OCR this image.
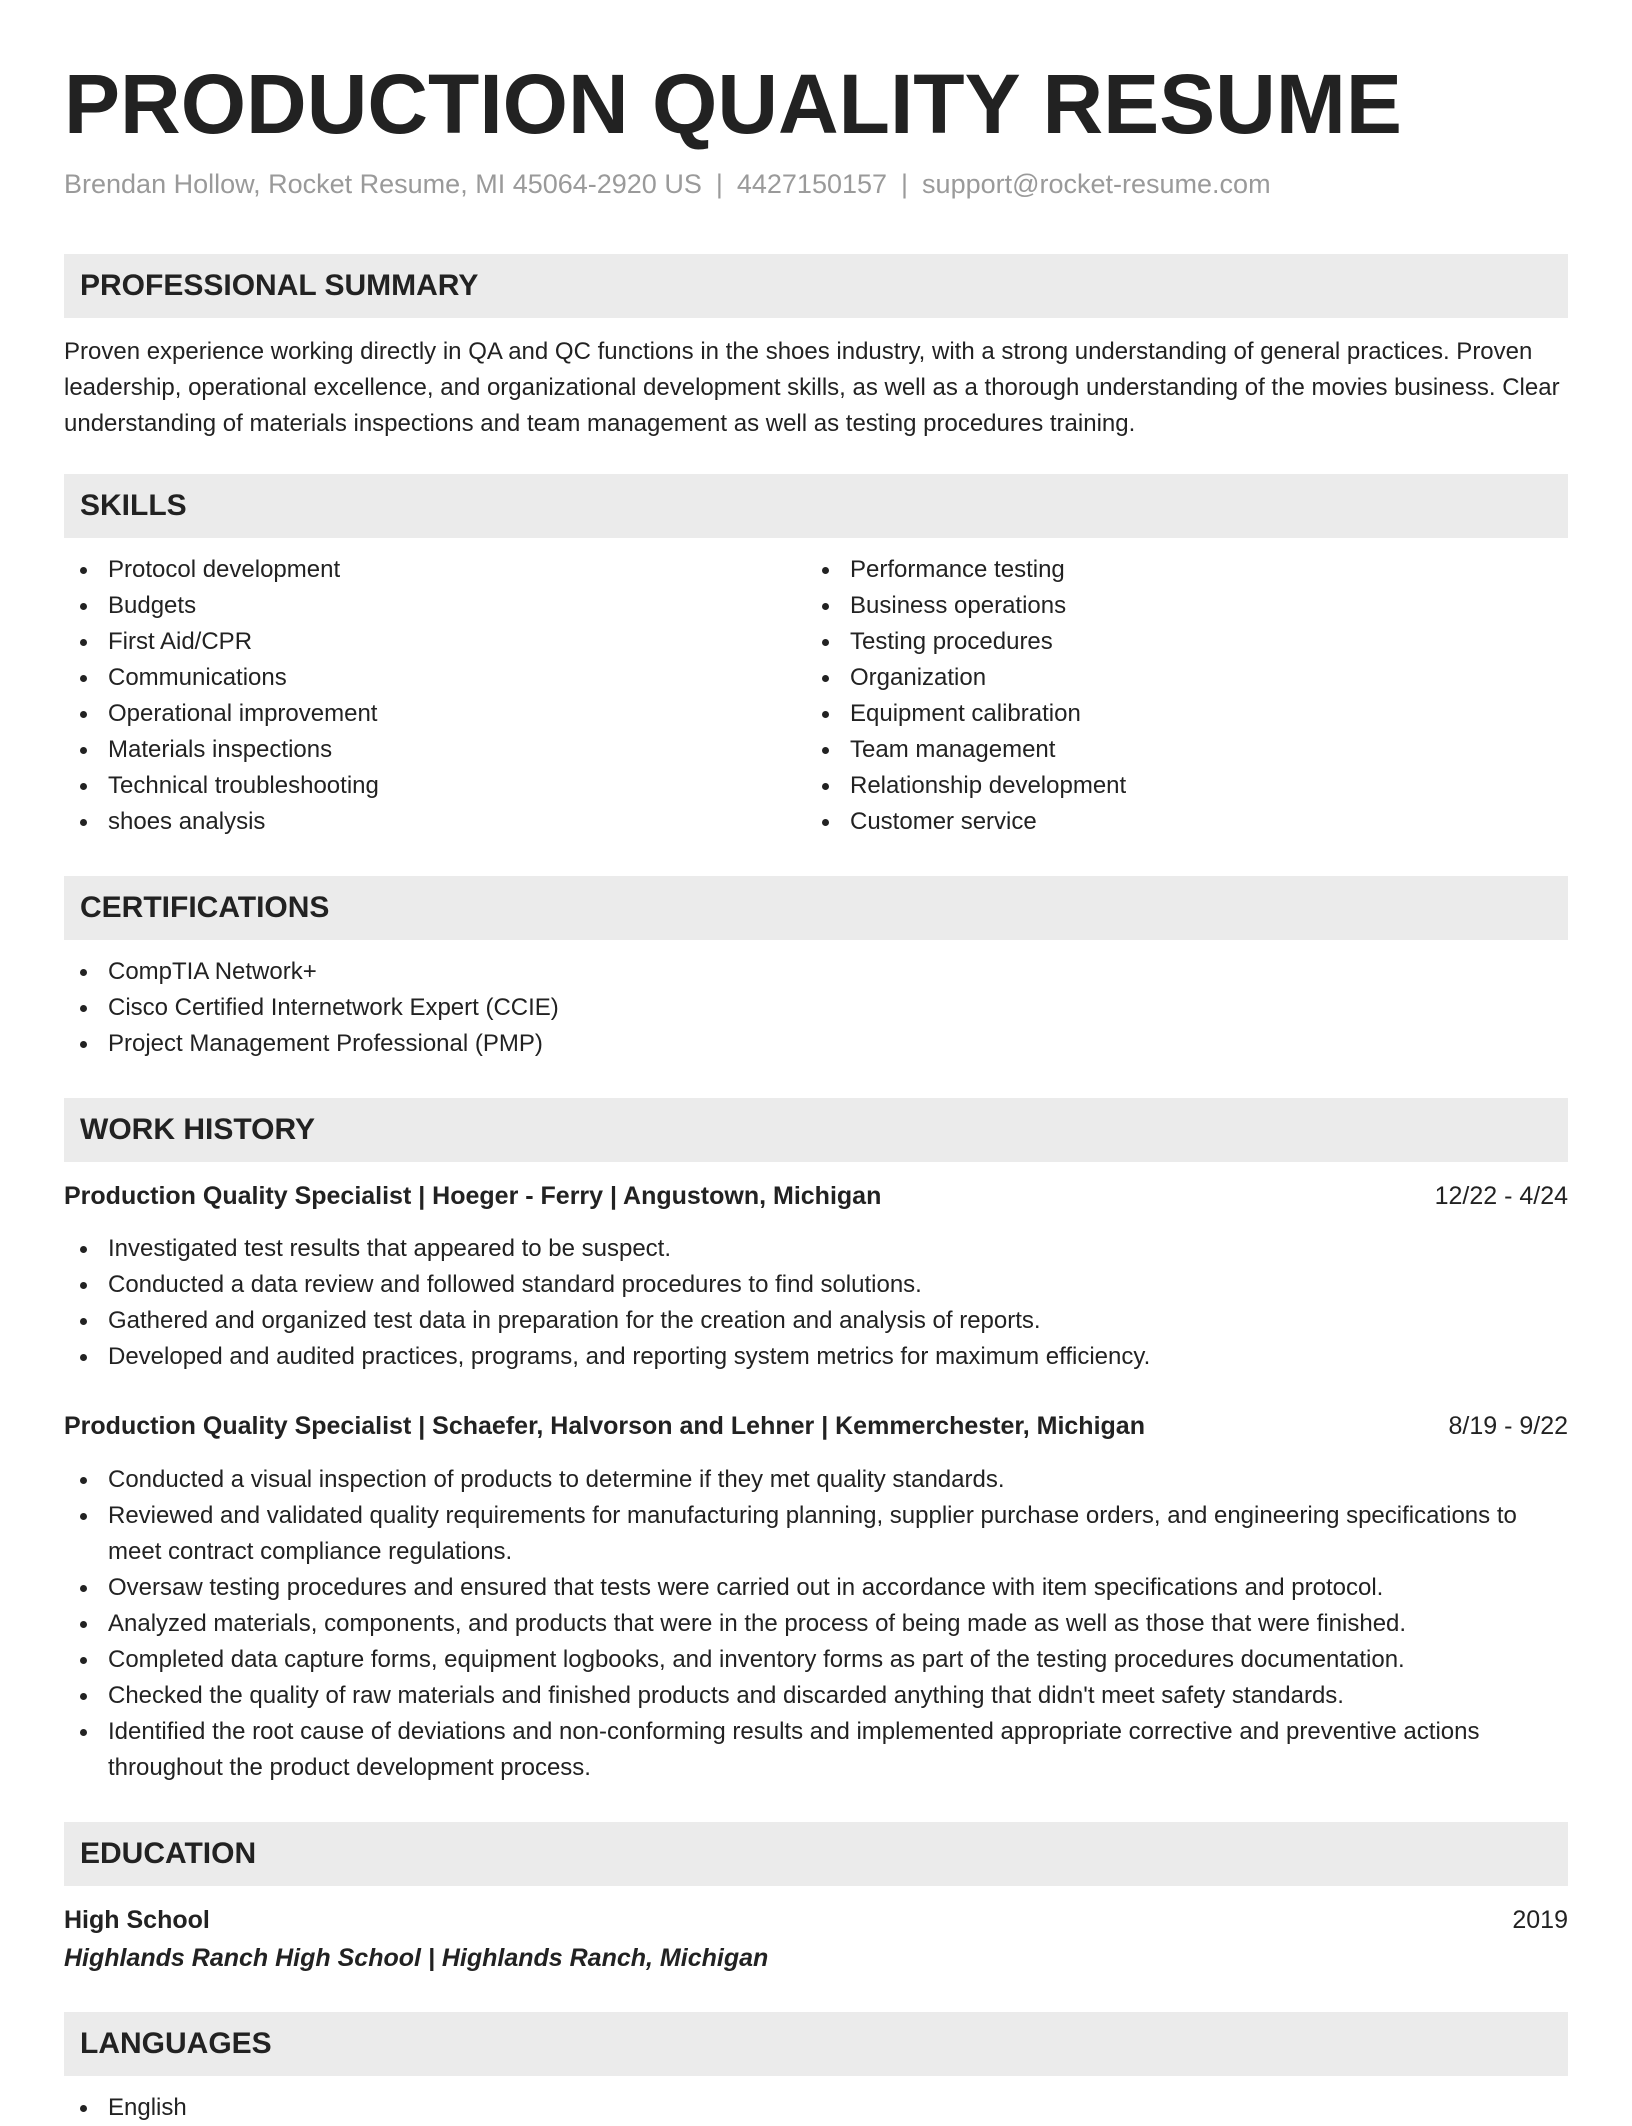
PRODUCTION QUALITY RESUME
Brendan Hollow, Rocket Resume, MI 45064-2920 US | 4427150157 | support@rocket-resume.com
PROFESSIONAL SUMMARY

Proven experience working directly in QA and QC functions in the shoes industry, with a strong understanding of general practices. Proven leadership, operational excellence, and organizational development skills, as well as a thorough understanding of the movies business. Clear understanding of materials inspections and team management as well as testing procedures training.

SKILLS
Protocol development
Budgets
First Aid/CPR
Communications
Operational improvement
Materials inspections
Technical troubleshooting
shoes analysis
Performance testing
Business operations
Testing procedures
Organization
Equipment calibration
Team management
Relationship development
Customer service
CERTIFICATIONS
CompTIA Network+
Cisco Certified Internetwork Expert (CCIE)
Project Management Professional (PMP)
WORK HISTORY
Production Quality Specialist | Hoeger - Ferry | Angustown, Michigan	12/22 - 4/24
Investigated test results that appeared to be suspect.
Conducted a data review and followed standard procedures to find solutions.
Gathered and organized test data in preparation for the creation and analysis of reports.
Developed and audited practices, programs, and reporting system metrics for maximum efficiency.
Production Quality Specialist | Schaefer, Halvorson and Lehner | Kemmerchester, Michigan	8/19 - 9/22
Conducted a visual inspection of products to determine if they met quality standards.
Reviewed and validated quality requirements for manufacturing planning, supplier purchase orders, and engineering specifications to meet contract compliance regulations.
Oversaw testing procedures and ensured that tests were carried out in accordance with item specifications and protocol.
Analyzed materials, components, and products that were in the process of being made as well as those that were finished.
Completed data capture forms, equipment logbooks, and inventory forms as part of the testing procedures documentation.
Checked the quality of raw materials and finished products and discarded anything that didn't meet safety standards.
Identified the root cause of deviations and non-conforming results and implemented appropriate corrective and preventive actions throughout the product development process.
EDUCATION
High School	2019
Highlands Ranch High School | Highlands Ranch, Michigan
LANGUAGES
English
